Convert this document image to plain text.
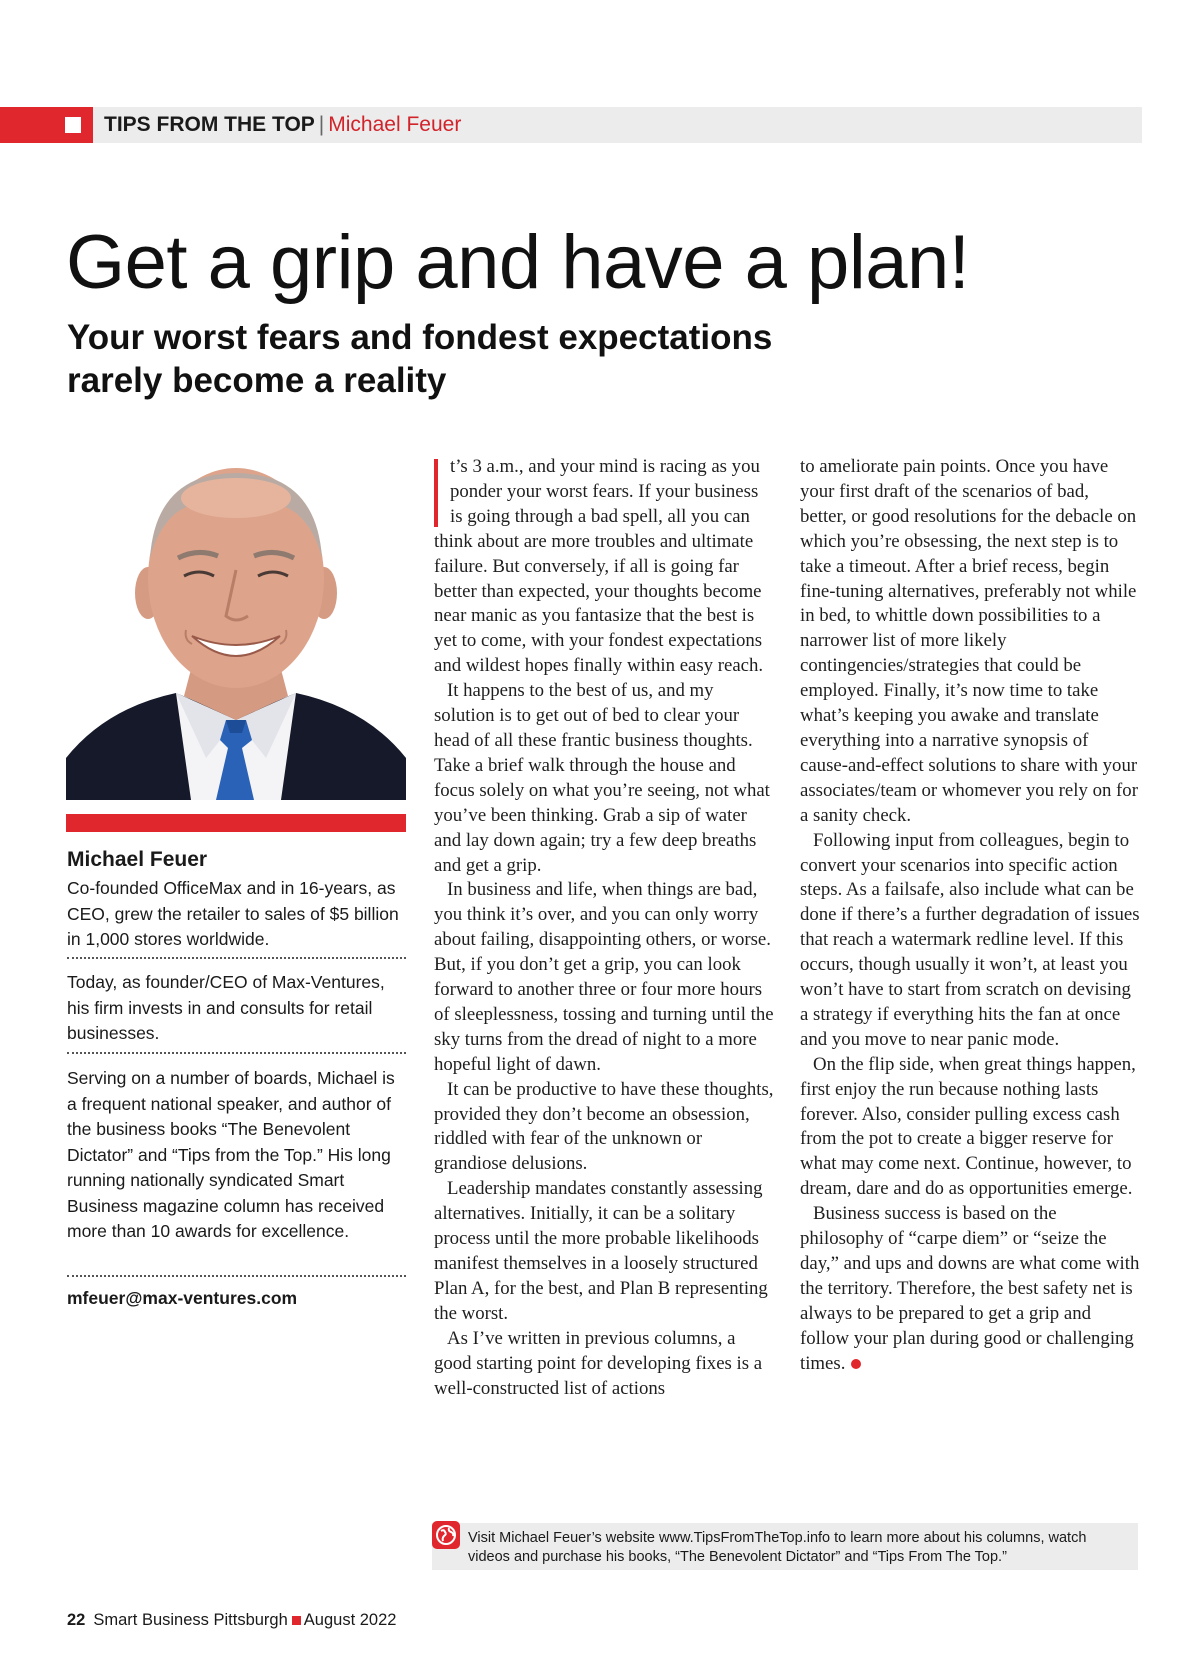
TIPS FROM THE TOP | Michael Feuer
Get a grip and have a plan!
Your worst fears and fondest expectations rarely become a reality
Michael Feuer
Co-founded OfficeMax and in 16-years, as CEO, grew the retailer to sales of $5 billion in 1,000 stores worldwide.
Today, as founder/CEO of Max-Ventures, his firm invests in and consults for retail businesses.
Serving on a number of boards, Michael is a frequent national speaker, and author of the business books “The Benevolent Dictator” and “Tips from the Top.” His long running nationally syndicated Smart Business magazine column has received more than 10 awards for excellence.
mfeuer@max-ventures.com

t’s 3 a.m., and your mind is racing as you ponder your worst fears. If your business is going through a bad spell, all you can think about are more troubles and ultimate failure. But conversely, if all is going far better than expected, your thoughts become near manic as you fantasize that the best is yet to come, with your fondest expectations and wildest hopes finally within easy reach.

It happens to the best of us, and my solution is to get out of bed to clear your head of all these frantic business thoughts. Take a brief walk through the house and focus solely on what you’re seeing, not what you’ve been thinking. Grab a sip of water and lay down again; try a few deep breaths and get a grip.

In business and life, when things are bad, you think it’s over, and you can only worry about failing, disappointing others, or worse. But, if you don’t get a grip, you can look forward to another three or four more hours of sleeplessness, tossing and turning until the sky turns from the dread of night to a more hopeful light of dawn.

It can be productive to have these thoughts, provided they don’t become an obsession, riddled with fear of the unknown or grandiose delusions.

Leadership mandates constantly assessing alternatives. Initially, it can be a solitary process until the more probable likelihoods manifest themselves in a loosely structured Plan A, for the best, and Plan B representing the worst.

As I’ve written in previous columns, a good starting point for developing fixes is a well-constructed list of actions

to ameliorate pain points. Once you have your first draft of the scenarios of bad, better, or good resolutions for the debacle on which you’re obsessing, the next step is to take a timeout. After a brief recess, begin fine-tuning alternatives, preferably not while in bed, to whittle down possibilities to a narrower list of more likely contingencies/strategies that could be employed. Finally, it’s now time to take what’s keeping you awake and translate everything into a narrative synopsis of cause-and-effect solutions to share with your associates/team or whomever you rely on for a sanity check.

Following input from colleagues, begin to convert your scenarios into specific action steps. As a failsafe, also include what can be done if there’s a further degradation of issues that reach a watermark redline level. If this occurs, though usually it won’t, at least you won’t have to start from scratch on devising a strategy if everything hits the fan at once and you move to near panic mode.

On the flip side, when great things happen, first enjoy the run because nothing lasts forever. Also, consider pulling excess cash from the pot to create a bigger reserve for what may come next. Continue, however, to dream, dare and do as opportunities emerge.

Business success is based on the philosophy of “carpe diem” or “seize the day,” and ups and downs are what come with the territory. Therefore, the best safety net is always to be prepared to get a grip and follow your plan during good or challenging times.

Visit Michael Feuer’s website www.TipsFromTheTop.info to learn more about his columns, watch videos and purchase his books, “The Benevolent Dictator” and “Tips From The Top.”
22 Smart Business Pittsburgh August 2022
